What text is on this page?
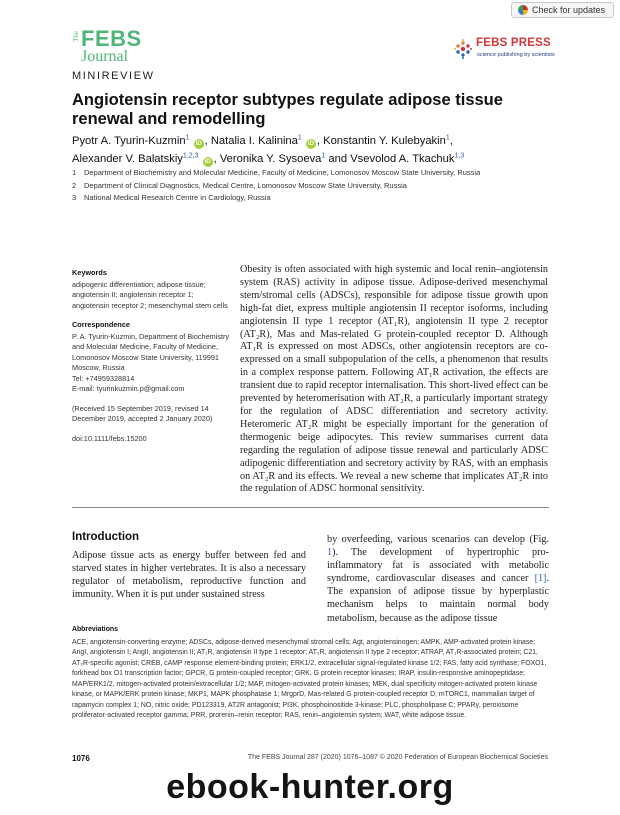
Check for updates
The FEBS
Journal
MINIREVIEW
FEBS PRESS
science publishing by scientists
Angiotensin receptor subtypes regulate adipose tissue renewal and remodelling
Pyotr A. Tyurin-Kuzmin$^1$ iD , Natalia I. Kalinina$^1$ iD , Konstantin Y. Kulebyakin$^1$,
Alexander V. Balatskiy$^{1,2,3}$ iD , Veronika Y. Sysoeva$^1$ and Vsevolod A. Tkachuk$^{1,3}$
1 Department of Biochemistry and Molecular Medicine, Faculty of Medicine, Lomonosov Moscow State University, Russia
2 Department of Clinical Diagnostics, Medical Centre, Lomonosov Moscow State University, Russia
3 National Medical Research Centre in Cardiology, Russia
Keywords

adipogenic differentiation; adipose tissue; angiotensin II; angiotensin receptor 1; angiotensin receptor 2; mesenchymal stem cells

Correspondence

P. A. Tyurin-Kuzmin, Department of Biochemistry and Molecular Medicine, Faculty of Medicine, Lomonosov Moscow State University, 119991 Moscow, Russia

Tel: +74959328814

E-mail: tyurinkuzmin.p@gmail.com

(Received 15 September 2019, revised 14 December 2019, accepted 2 January 2020)

doi:10.1111/febs.15200

Obesity is often associated with high systemic and local renin–angiotensin system (RAS) activity in adipose tissue. Adipose-derived mesenchymal stem/stromal cells (ADSCs), responsible for adipose tissue growth upon high-fat diet, express multiple angiotensin II receptor isoforms, including angiotensin II type 1 receptor (AT₁R), angiotensin II type 2 receptor (AT₂R), Mas and Mas-related G protein-coupled receptor D. Although AT₁R is expressed on most ADSCs, other angiotensin receptors are co-expressed on a small subpopulation of the cells, a phenomenon that results in a complex response pattern. Following AT₁R activation, the effects are transient due to rapid receptor internalisation. This short-lived effect can be prevented by heteromerisation with AT₂R, a particularly important strategy for the regulation of ADSC differentiation and secretory activity. Heteromeric AT₂R might be especially important for the generation of thermogenic beige adipocytes. This review summarises current data regarding the regulation of adipose tissue renewal and particularly ADSC adipogenic differentiation and secretory activity by RAS, with an emphasis on AT₂R and its effects. We reveal a new scheme that implicates AT₂R into the regulation of ADSC hormonal sensitivity.

Introduction

Adipose tissue acts as energy buffer between fed and starved states in higher vertebrates. It is also a necessary regulator of metabolism, reproductive function and immunity. When it is put under sustained stress

by overfeeding, various scenarios can develop (Fig. 1). The development of hypertrophic pro-inflammatory fat is associated with metabolic syndrome, cardiovascular diseases and cancer [1]. The expansion of adipose tissue by hyperplastic mechanism helps to maintain normal body metabolism, because as the adipose tissue

Abbreviations

ACE, angiotensin-converting enzyme; ADSCs, adipose-derived mesenchymal stromal cells; Agt, angiotensinogen; AMPK, AMP-activated protein kinase; AngI, angiotensin I; AngII, angiotensin II; AT₁R, angiotensin II type 1 receptor; AT₂R, angiotensin II type 2 receptor; ATRAP, AT₁R-associated protein; C21, AT₂R-specific agonist; CREB, cAMP response element-binding protein; ERK1/2, extracellular signal-regulated kinase 1/2; FAS, fatty acid synthase; FOXO1, forkhead box O1 transcription factor; GPCR, G protein-coupled receptor; GRK, G protein receptor kinases; IRAP, insulin-responsive aminopeptidase; MAP/ERK1/2, mitogen-activated protein/extracellular 1/2; MAP, mitogen-activated protein kinases; MEK, dual specificity mitogen-activated protein kinase kinase, or MAPK/ERK protein kinase; MKP1, MAPK phosphatase 1; MrgprD, Mas-related G protein-coupled receptor D; mTORC1, mammalian target of rapamycin complex 1; NO, nitric oxide; PD123319, AT2R antagonist; PI3K, phosphoinositide 3-kinase; PLC, phospholipase C; PPARγ, peroxisome proliferator-activated receptor gamma; PRR, prorenin–renin receptor; RAS, renin–angiotensin system; WAT, white adipose tissue.

1076	The FEBS Journal 287 (2020) 1076–1087 © 2020 Federation of European Biochemical Societies
ebook-hunter.org
